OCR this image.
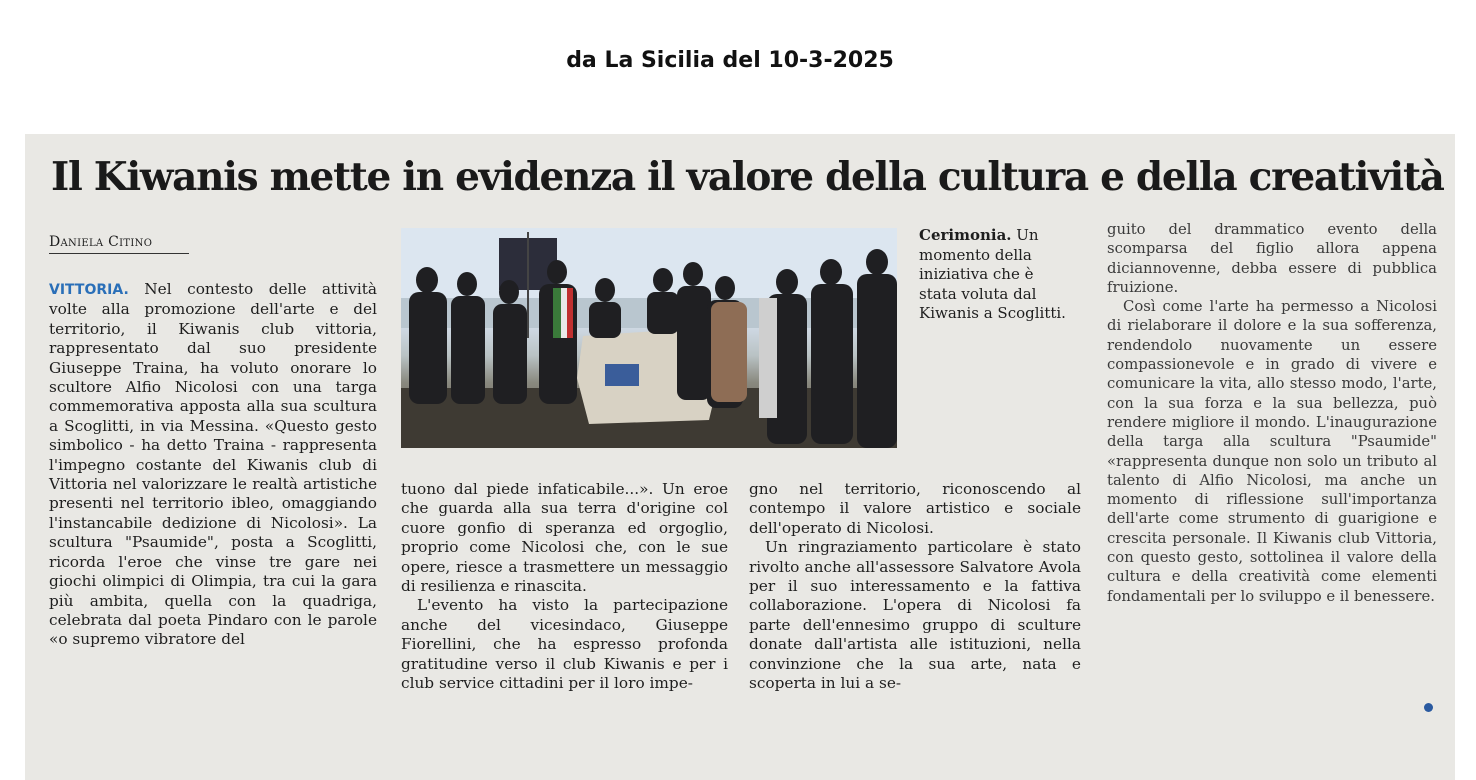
da La Sicilia del 10-3-2025
Il Kiwanis mette in evidenza il valore della cultura e della creatività
Daniela Citino

VITTORIA. Nel contesto delle attività volte alla promozione dell'arte e del territorio, il Kiwanis club vittoria, rappresentato dal suo presidente Giuseppe Traina, ha voluto onorare lo scultore Alfio Nicolosi con una targa commemorativa apposta alla sua scultura a Scoglitti, in via Messina. «Questo gesto simbolico - ha detto Traina - rappresenta l'impegno costante del Kiwanis club di Vittoria nel valorizzare le realtà artistiche presenti nel territorio ibleo, omaggiando l'instancabile dedizione di Nicolosi». La scultura "Psaumide", posta a Scoglitti, ricorda l'eroe che vinse tre gare nei giochi olimpici di Olimpia, tra cui la gara più ambita, quella con la quadriga, celebrata dal poeta Pindaro con le parole «o supremo vibratore del

Cerimonia. Un momento della iniziativa che è stata voluta dal Kiwanis a Scoglitti.

tuono dal piede infaticabile...». Un eroe che guarda alla sua terra d'origine col cuore gonfio di speranza ed orgoglio, proprio come Nicolosi che, con le sue opere, riesce a trasmettere un messaggio di resilienza e rinascita.

L'evento ha visto la partecipazione anche del vicesindaco, Giuseppe Fiorellini, che ha espresso profonda gratitudine verso il club Kiwanis e per i club service cittadini per il loro impe-

gno nel territorio, riconoscendo al contempo il valore artistico e sociale dell'operato di Nicolosi.

Un ringraziamento particolare è stato rivolto anche all'assessore Salvatore Avola per il suo interessamento e la fattiva collaborazione. L'opera di Nicolosi fa parte dell'ennesimo gruppo di sculture donate dall'artista alle istituzioni, nella convinzione che la sua arte, nata e scoperta in lui a se-

guito del drammatico evento della scomparsa del figlio allora appena diciannovenne, debba essere di pubblica fruizione.

Così come l'arte ha permesso a Nicolosi di rielaborare il dolore e la sua sofferenza, rendendolo nuovamente un essere compassionevole e in grado di vivere e comunicare la vita, allo stesso modo, l'arte, con la sua forza e la sua bellezza, può rendere migliore il mondo. L'inaugurazione della targa alla scultura "Psaumide" «rappresenta dunque non solo un tributo al talento di Alfio Nicolosi, ma anche un momento di riflessione sull'importanza dell'arte come strumento di guarigione e crescita personale. Il Kiwanis club Vittoria, con questo gesto, sottolinea il valore della cultura e della creatività come elementi fondamentali per lo sviluppo e il benessere.
